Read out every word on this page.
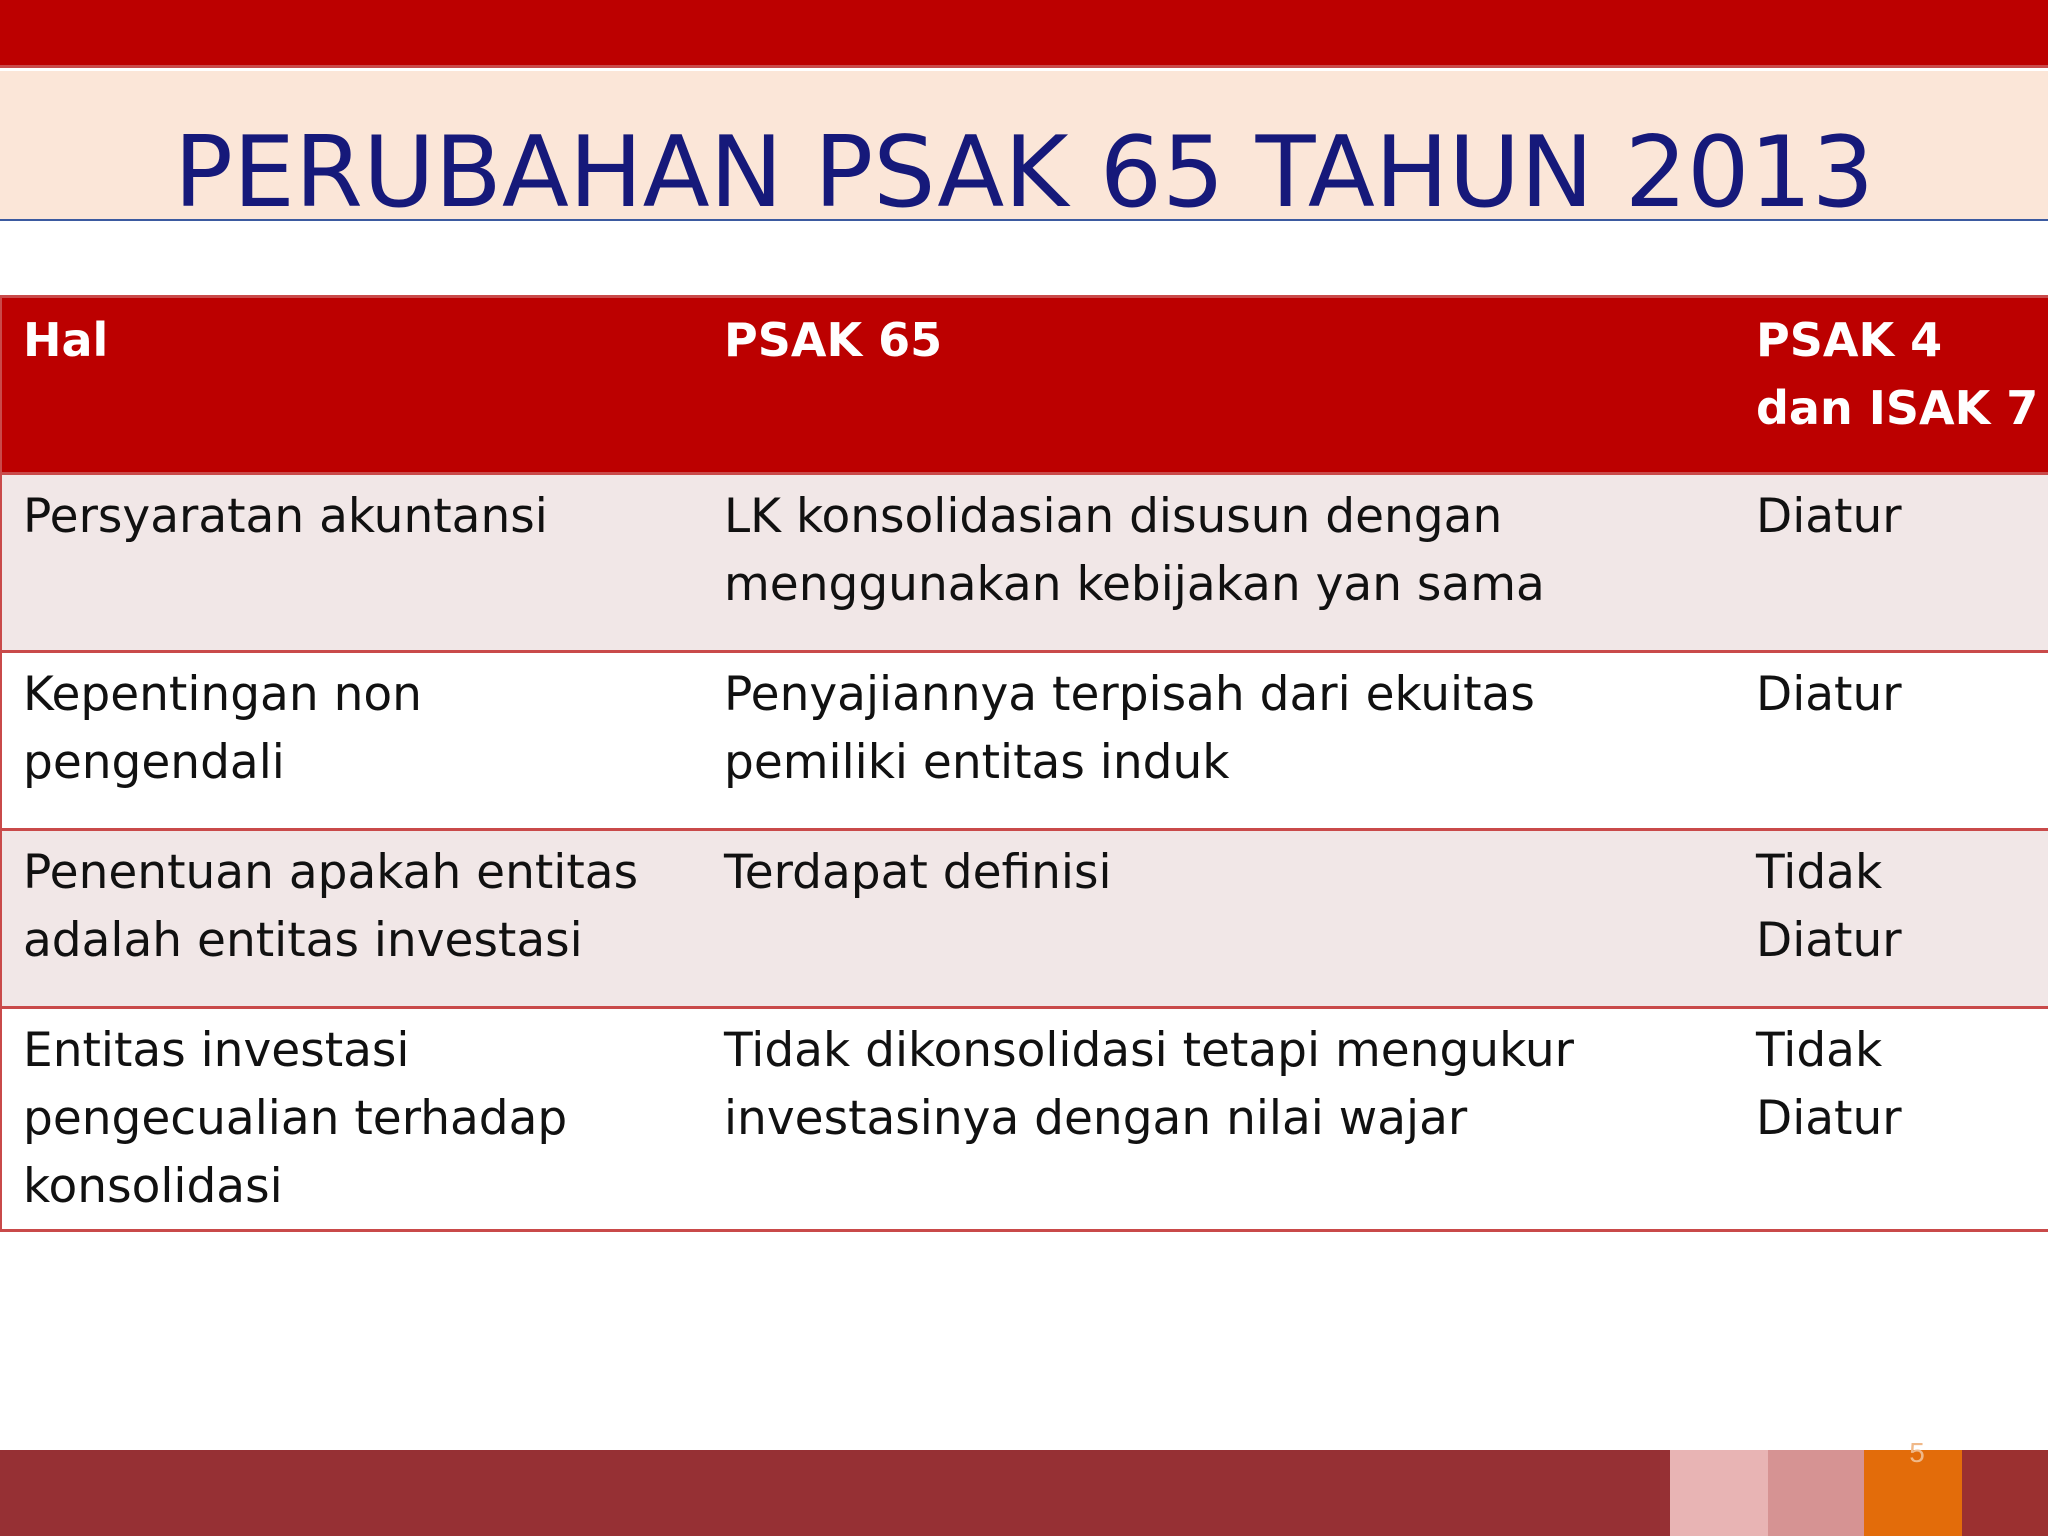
PERUBAHAN PSAK 65 TAHUN 2013
Hal	PSAK 65	PSAK 4 dan ISAK 7
Persyaratan akuntansi	LK konsolidasian disusun dengan menggunakan kebijakan yan sama	Diatur
Kepentingan non pengendali	Penyajiannya terpisah dari ekuitas pemiliki entitas induk	Diatur
Penentuan apakah entitas adalah entitas investasi	Terdapat definisi	Tidak Diatur
Entitas investasi pengecualian terhadap konsolidasi	Tidak dikonsolidasi tetapi mengukur investasinya dengan nilai wajar	Tidak Diatur
5
